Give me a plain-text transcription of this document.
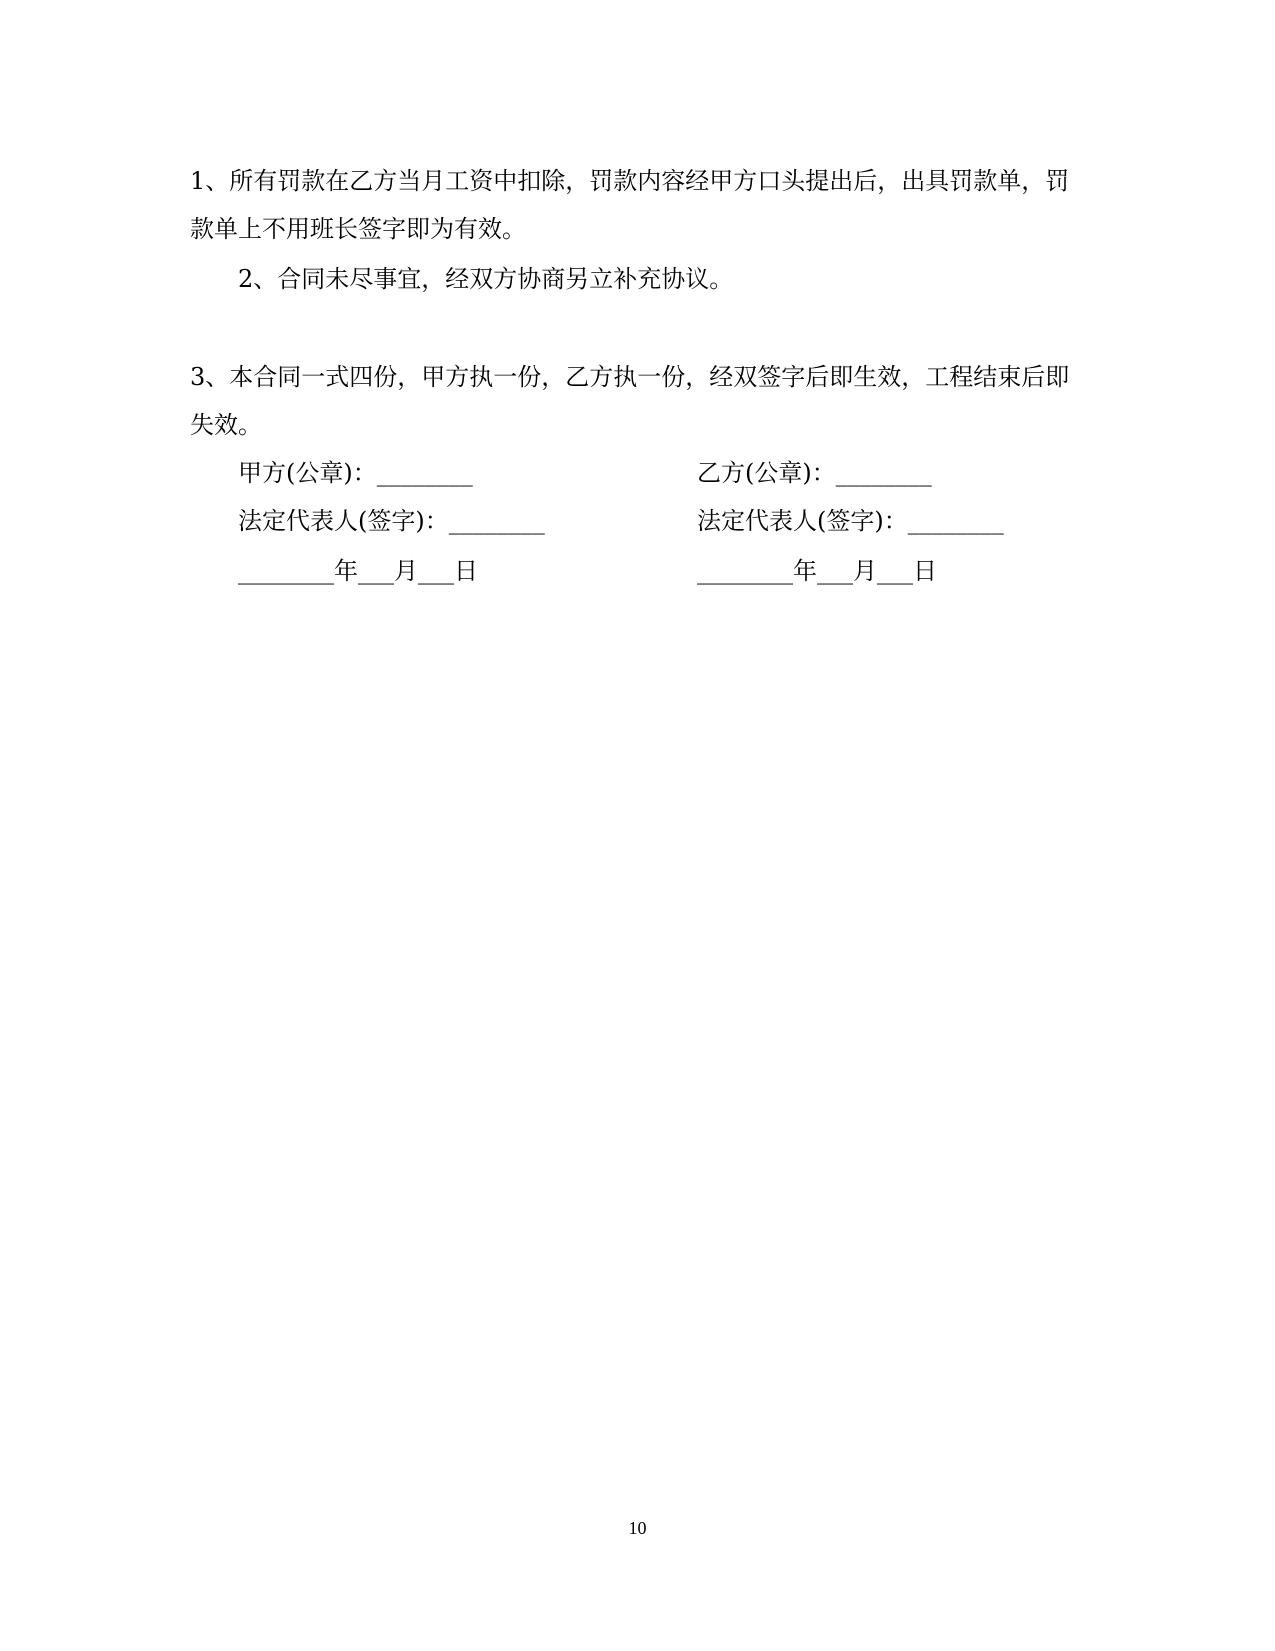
1、所有罚款在乙方当月工资中扣除，罚款内容经甲方口头提出后，出具罚款单，罚款单上不用班长签字即为有效。

2、合同未尽事宜，经双方协商另立补充协议。

3、本合同一式四份，甲方执一份，乙方执一份，经双签字后即生效，工程结束后即失效。

甲方(公章)：________
法定代表人(签字)：________
________年___月___日
乙方(公章)：________
法定代表人(签字)：________
________年___月___日
10
